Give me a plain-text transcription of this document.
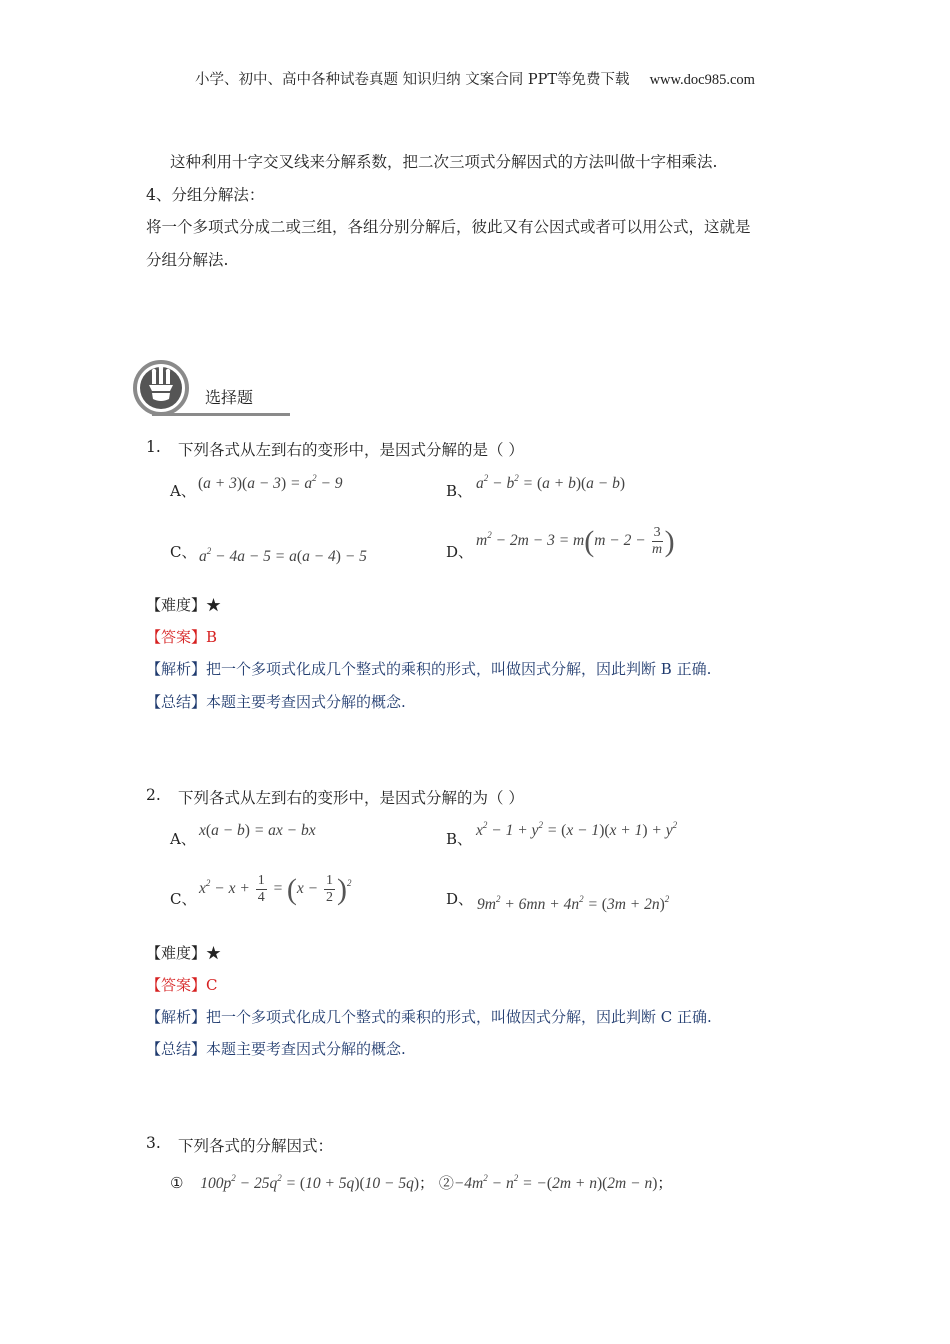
小学、初中、高中各种试卷真题 知识归纳 文案合同 PPT等免费下载 www.doc985.com
这种利用十字交叉线来分解系数，把二次三项式分解因式的方法叫做十字相乘法.
4、分组分解法：
将一个多项式分成二或三组，各组分别分解后，彼此又有公因式或者可以用公式，这就是
分组分解法.
选择题
1. 下列各式从左到右的变形中，是因式分解的是（ ）
A、 $(a + 3)(a - 3) = a^2 - 9$	B、 $a^2 - b^2 = (a + b)(a - b)$
C、 $a^2 - 4a - 5 = a(a - 4) - 5$	D、
$m^2 - 2m - 3 = m(m - 2 - \frac{3}{m}$ )
【难度】★
【答案】B
【解析】把一个多项式化成几个整式的乘积的形式，叫做因式分解，因此判断 B 正确.
【总结】本题主要考查因式分解的概念.
2. 下列各式从左到右的变形中，是因式分解的为（ ）
A、 x(a − b) = ax − bx	B、 $x^2 - 1 + y^2 = (x - 1)(x + 1) + y^2$
C、
$x^2 - x + \frac{1}{4} = (x - \frac{1}{2} )^2$
D、 $9m^2 + 6mn + 4n^2 = (3m + 2n)^2$
【难度】★
【答案】C
【解析】把一个多项式化成几个整式的乘积的形式，叫做因式分解，因此判断 C 正确.
【总结】本题主要考查因式分解的概念.
3. 下列各式的分解因式：
① $100p^2 - 25q^2 = (10 + 5q)(10 - 5q)$； $②-4m^2 - n^2 = -(2m + n)(2m - n)$；
